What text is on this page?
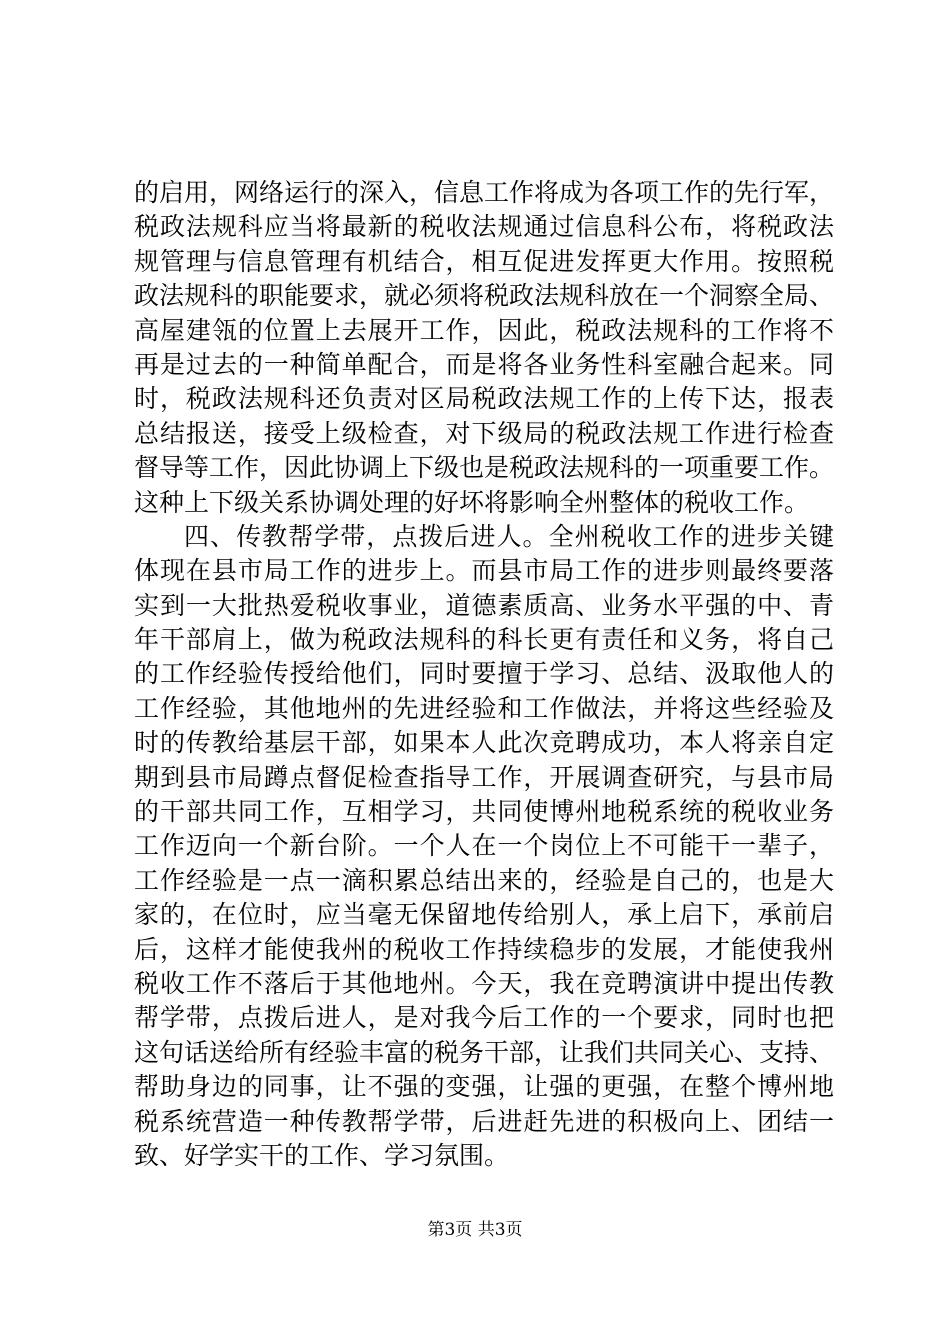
的启用，网络运行的深入，信息工作将成为各项工作的先行军，
税政法规科应当将最新的税收法规通过信息科公布，将税政法
规管理与信息管理有机结合，相互促进发挥更大作用。按照税
政法规科的职能要求，就必须将税政法规科放在一个洞察全局、
高屋建瓴的位置上去展开工作，因此，税政法规科的工作将不
再是过去的一种简单配合，而是将各业务性科室融合起来。同
时，税政法规科还负责对区局税政法规工作的上传下达，报表
总结报送，接受上级检查，对下级局的税政法规工作进行检查
督导等工作，因此协调上下级也是税政法规科的一项重要工作。
这种上下级关系协调处理的好坏将影响全州整体的税收工作。
四、传教帮学带，点拨后进人。全州税收工作的进步关键
体现在县市局工作的进步上。而县市局工作的进步则最终要落
实到一大批热爱税收事业，道德素质高、业务水平强的中、青
年干部肩上，做为税政法规科的科长更有责任和义务，将自己
的工作经验传授给他们，同时要擅于学习、总结、汲取他人的
工作经验，其他地州的先进经验和工作做法，并将这些经验及
时的传教给基层干部，如果本人此次竞聘成功，本人将亲自定
期到县市局蹲点督促检查指导工作，开展调查研究，与县市局
的干部共同工作，互相学习，共同使博州地税系统的税收业务
工作迈向一个新台阶。一个人在一个岗位上不可能干一辈子，
工作经验是一点一滴积累总结出来的，经验是自己的，也是大
家的，在位时，应当毫无保留地传给别人，承上启下，承前启
后，这样才能使我州的税收工作持续稳步的发展，才能使我州
税收工作不落后于其他地州。今天，我在竞聘演讲中提出传教
帮学带，点拨后进人，是对我今后工作的一个要求，同时也把
这句话送给所有经验丰富的税务干部，让我们共同关心、支持、
帮助身边的同事，让不强的变强，让强的更强，在整个博州地
税系统营造一种传教帮学带，后进赶先进的积极向上、团结一
致、好学实干的工作、学习氛围。
第3页 共3页
